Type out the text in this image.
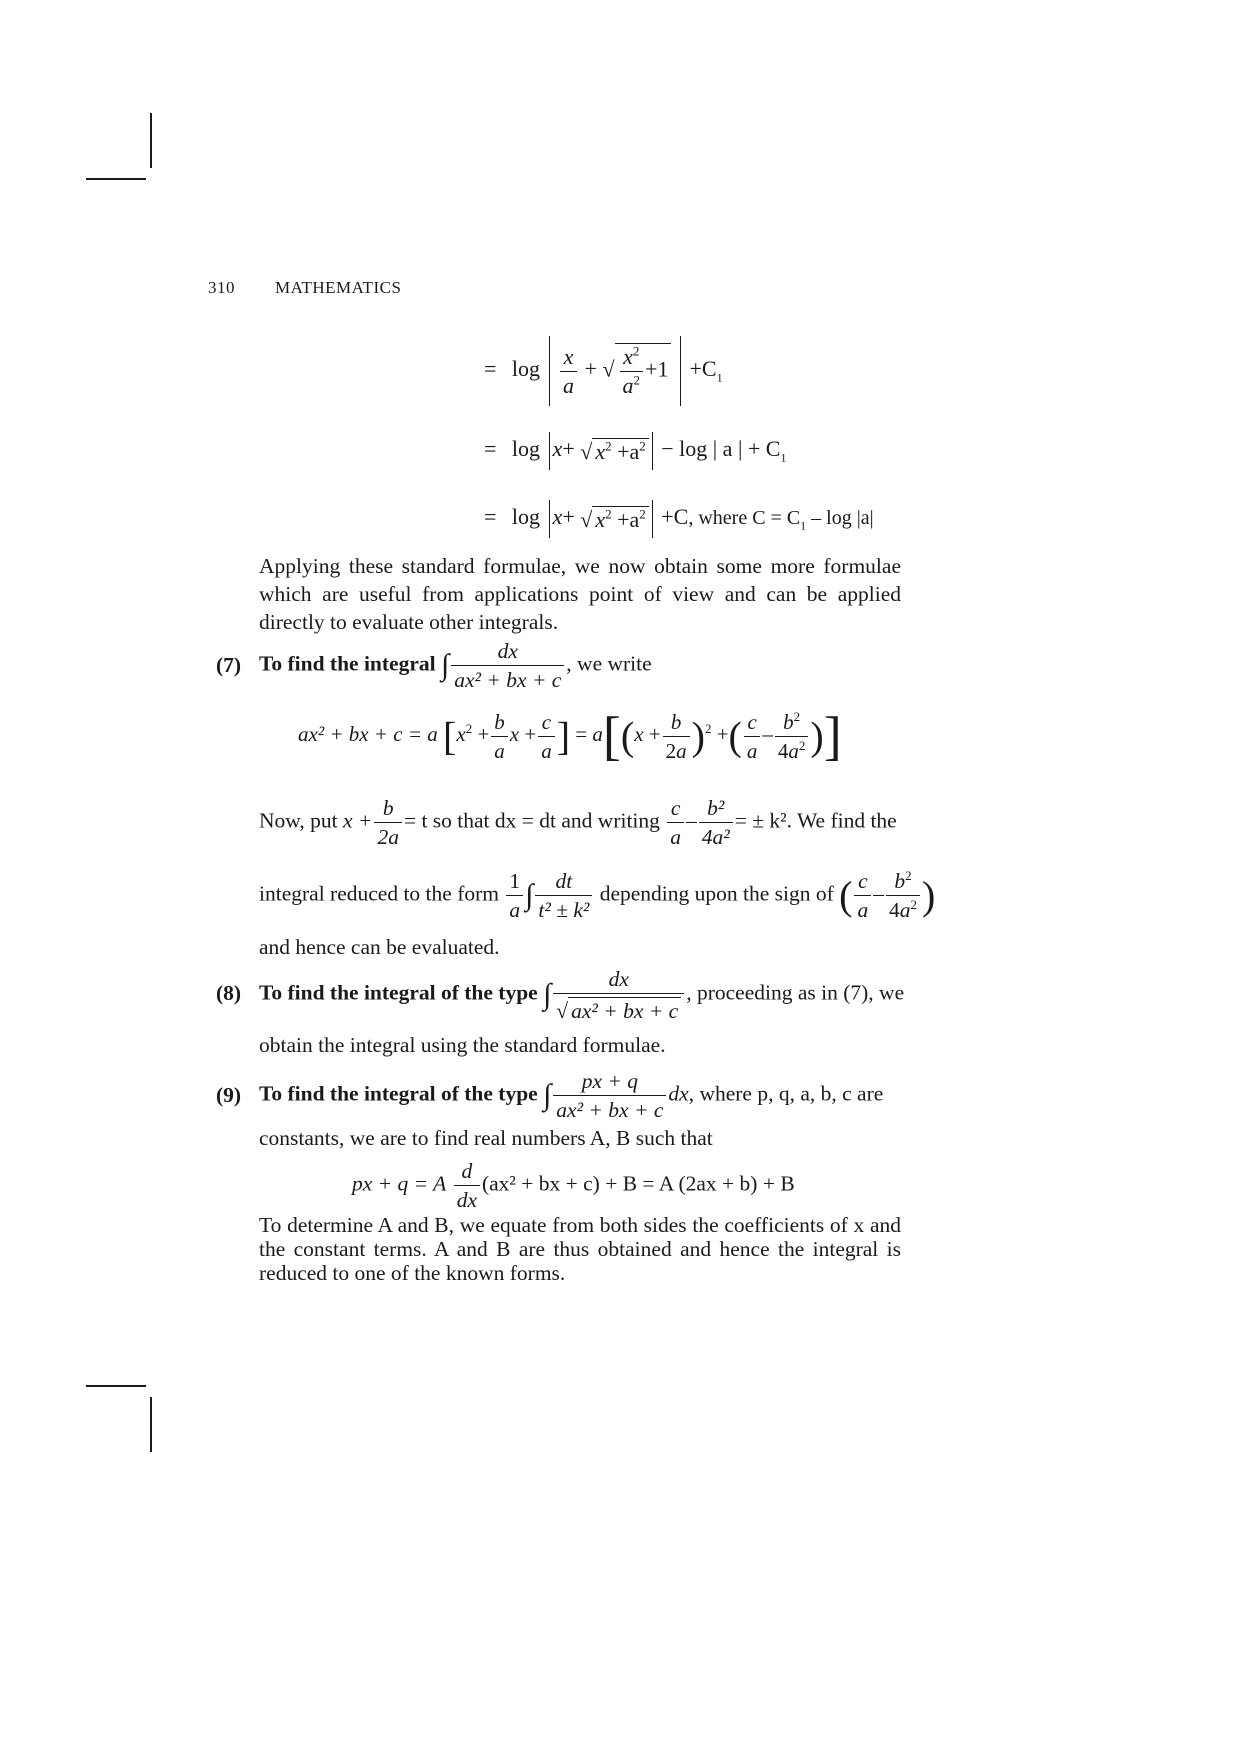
310 MATHEMATICS
= $\log \frac{x}{a}$ + √ $\frac{x^2}{a^2} +1 +C_1$
= log x+ √ $x^2 +a^2 - \log$ | a | + $C_1$
= log x+ √ $x^2 +a^2 +C$, where $C = C_1 - \log |a|$
Applying these standard formulae, we now obtain some more formulae which are useful from applications point of view and can be applied directly to evaluate other integrals.
(7) To find the integral ∫ $\frac{dx}{\text{ax² + bx + c}}$ , we write
ax² + bx + c = a [$x^2 + \frac{b}{a}$ $x + \frac{c}{a}$ ] = $a[(x + \frac{b}{2a} )^2$ +( $\frac{c}{a} - \frac{b^2}{4a^2}$ )]
Now, put $x + \frac{b}{2a} = t$ so that dx = dt and writing $\frac{c}{a} - \frac{\text{b²}}{\text{4a²}}$ = ± k². We find the
integral reduced to the form $\frac{1}{a}$ ∫ $\frac{dt}{\text{t² ± k²}}$ depending upon the sign of ( $\frac{c}{a} - \frac{b^2}{4a^2}$ )
and hence can be evaluated.
(8) To find the integral of the type ∫ $\frac{dx}{\text{√ ax² + bx + c}}$ , proceeding as in (7), we
obtain the integral using the standard formulae.
(9) To find the integral of the type ∫ $\frac{px + q}{\text{ax² + bx + c}}$ dx, where p, q, a, b, c are
constants, we are to find real numbers A, B such that
px + q = A $\frac{d}{dx} (ax^2$ + bx + c) + B = A (2ax + b) + B
To determine A and B, we equate from both sides the coefficients of x and the constant terms. A and B are thus obtained and hence the integral is reduced to one of the known forms.
